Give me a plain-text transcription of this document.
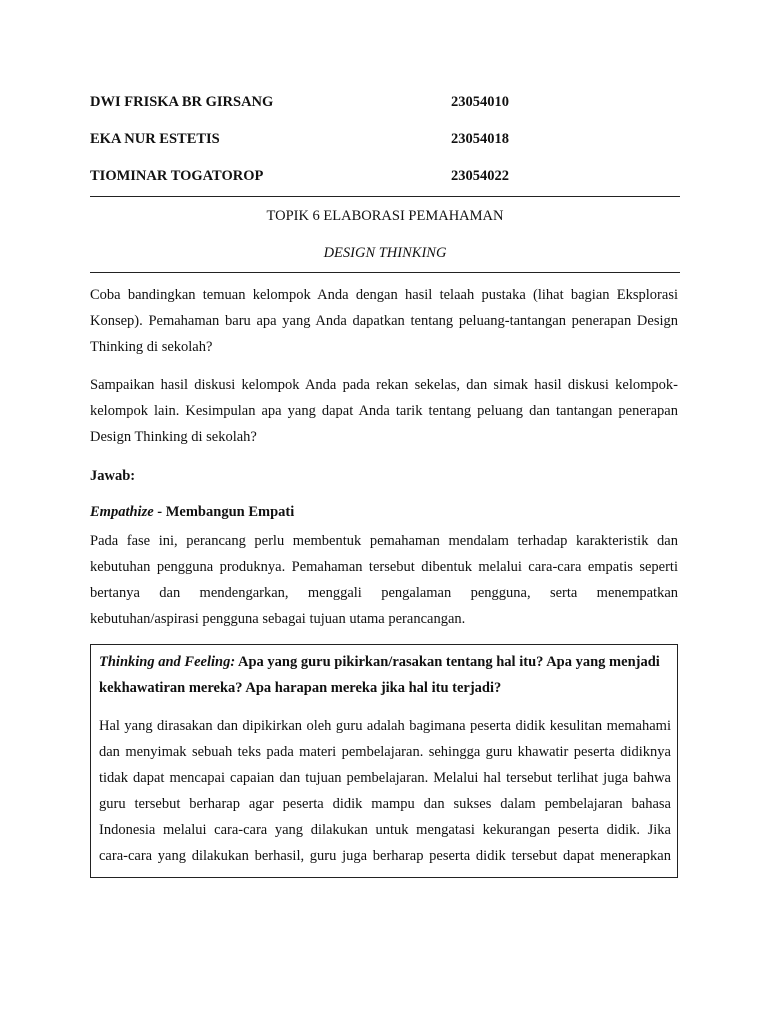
DWI FRISKA BR GIRSANG	23054010
EKA NUR ESTETIS	23054018
TIOMINAR TOGATOROP	23054022
TOPIK 6 ELABORASI PEMAHAMAN
DESIGN THINKING
Coba bandingkan temuan kelompok Anda dengan hasil telaah pustaka (lihat bagian Eksplorasi
Konsep). Pemahaman baru apa yang Anda dapatkan tentang peluang-tantangan penerapan Design
Thinking di sekolah?
Sampaikan hasil diskusi kelompok Anda pada rekan sekelas, dan simak hasil diskusi kelompok-
kelompok lain. Kesimpulan apa yang dapat Anda tarik tentang peluang dan tantangan penerapan
Design Thinking di sekolah?
Jawab:
Empathize - Membangun Empati
Pada fase ini, perancang perlu membentuk pemahaman mendalam terhadap karakteristik dan
kebutuhan pengguna produknya. Pemahaman tersebut dibentuk melalui cara-cara empatis seperti
bertanya dan mendengarkan, menggali pengalaman pengguna, serta menempatkan
kebutuhan/aspirasi pengguna sebagai tujuan utama perancangan.
Thinking and Feeling: Apa yang guru pikirkan/rasakan tentang hal itu? Apa yang menjadi
kekhawatiran mereka? Apa harapan mereka jika hal itu terjadi?
Hal yang dirasakan dan dipikirkan oleh guru adalah bagimana peserta didik kesulitan memahami
dan menyimak sebuah teks pada materi pembelajaran. sehingga guru khawatir peserta didiknya
tidak dapat mencapai capaian dan tujuan pembelajaran. Melalui hal tersebut terlihat juga bahwa
guru tersebut berharap agar peserta didik mampu dan sukses dalam pembelajaran bahasa
Indonesia melalui cara-cara yang dilakukan untuk mengatasi kekurangan peserta didik. Jika
cara-cara yang dilakukan berhasil, guru juga berharap peserta didik tersebut dapat menerapkan
